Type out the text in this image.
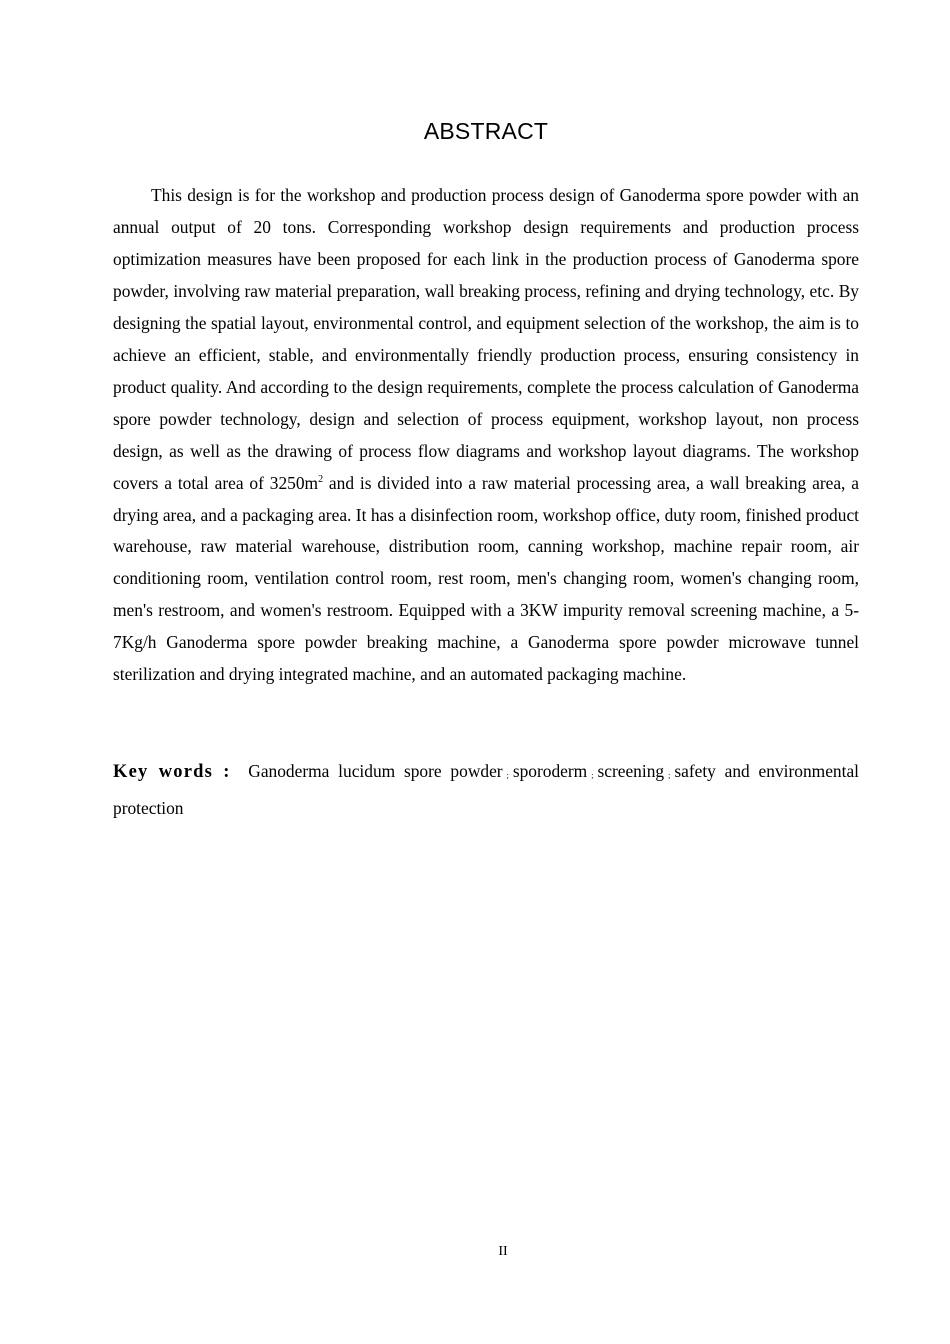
ABSTRACT

This design is for the workshop and production process design of Ganoderma spore powder with an annual output of 20 tons. Corresponding workshop design requirements and production process optimization measures have been proposed for each link in the production process of Ganoderma spore powder, involving raw material preparation, wall breaking process, refining and drying technology, etc. By designing the spatial layout, environmental control, and equipment selection of the workshop, the aim is to achieve an efficient, stable, and environmentally friendly production process, ensuring consistency in product quality. And according to the design requirements, complete the process calculation of Ganoderma spore powder technology, design and selection of process equipment, workshop layout, non process design, as well as the drawing of process flow diagrams and workshop layout diagrams. The workshop covers a total area of $3250m^2$ and is divided into a raw material processing area, a wall breaking area, a drying area, and a packaging area. It has a disinfection room, workshop office, duty room, finished product warehouse, raw material warehouse, distribution room, canning workshop, machine repair room, air conditioning room, ventilation control room, rest room, men's changing room, women's changing room, men's restroom, and women's restroom. Equipped with a 3KW impurity removal screening machine, a 5-7Kg/h Ganoderma spore powder breaking machine, a Ganoderma spore powder microwave tunnel sterilization and drying integrated machine, and an automated packaging machine.

Key words : Ganoderma lucidum spore powder ; sporoderm ; screening ; safety and environmental protection

II
